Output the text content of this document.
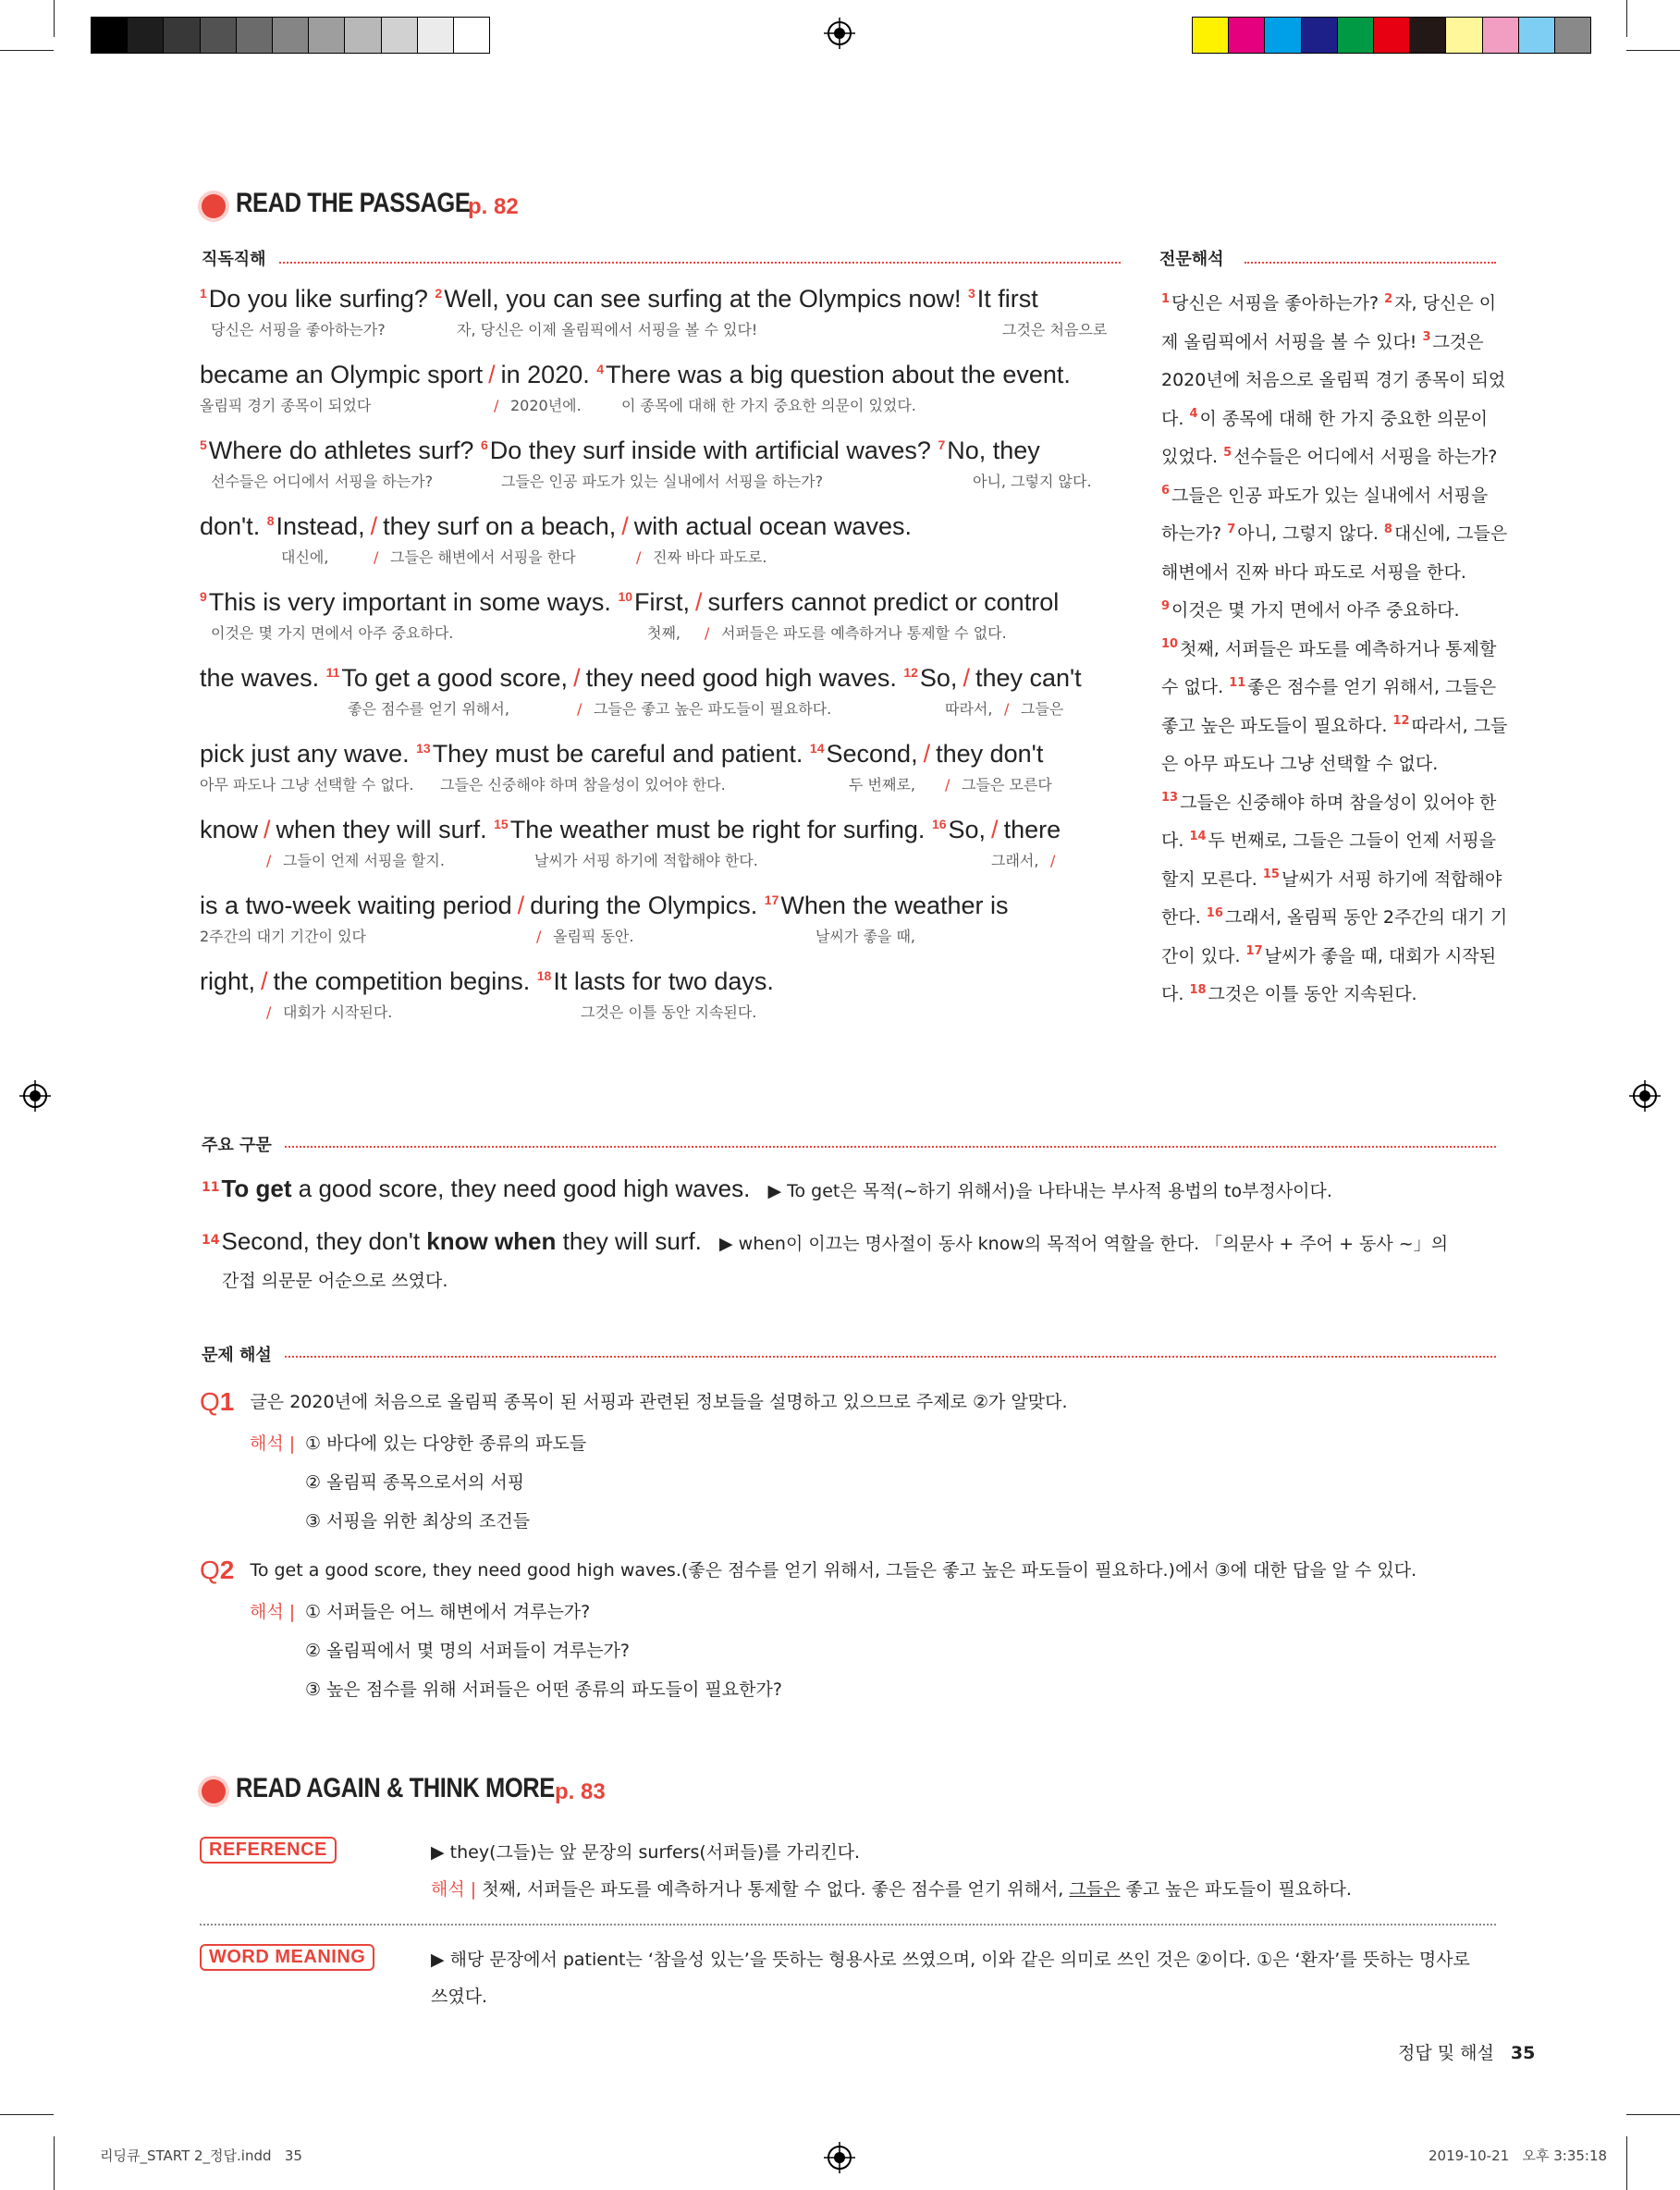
READ THE PASSAGE
p. 82
직독직해	전문해석
$^1$Do you like surfing? $^2$Well, you can see surfing at the Olympics now! $^3$It first
당신은 서핑을 좋아하는가?	자, 당신은 이제 올림픽에서 서핑을 볼 수 있다!	그것은 처음으로
became an Olympic sport / in 2020. $^4$There was a big question about the event.
올림픽 경기 종목이 되었다	/ 2020년에.	이 종목에 대해 한 가지 중요한 의문이 있었다.
$^5$Where do athletes surf? $^6$Do they surf inside with artificial waves? $^7$No, they
선수들은 어디에서 서핑을 하는가?	그들은 인공 파도가 있는 실내에서 서핑을 하는가?	아니, 그렇지 않다.
don't. $^8$Instead, / they surf on a beach, / with actual ocean waves.
대신에,	/ 그들은 해변에서 서핑을 한다	/ 진짜 바다 파도로.
$^9$This is very important in some ways. $^{10}$First, / surfers cannot predict or control
이것은 몇 가지 면에서 아주 중요하다.	첫째, / 서퍼들은 파도를 예측하거나 통제할 수 없다.
the waves. $^{11}$To get a good score, / they need good high waves. $^{12}$So, / they can't
좋은 점수를 얻기 위해서,	/ 그들은 좋고 높은 파도들이 필요하다.	따라서, / 그들은
pick just any wave. $^{13}$They must be careful and patient. $^{14}$Second, / they don't
아무 파도나 그냥 선택할 수 없다. 그들은 신중해야 하며 참을성이 있어야 한다.	두 번째로, / 그들은 모른다
know / when they will surf. $^{15}$The weather must be right for surfing. $^{16}$So, / there
/ 그들이 언제 서핑을 할지.	날씨가 서핑 하기에 적합해야 한다.	그래서, /
is a two-week waiting period / during the Olympics. $^{17}$When the weather is
2주간의 대기 기간이 있다	/ 올림픽 동안.	날씨가 좋을 때,
right, / the competition begins. $^{18}$It lasts for two days.
/ 대회가 시작된다.	그것은 이틀 동안 지속된다.
$^1$ 당신은 서핑을 좋아하는가? $^2$ 자, 당신은 이제 올림픽에서 서핑을 볼 수 있다! $^3$ 그것은 2020년에 처음으로 올림픽 경기 종목이 되었다. $^4$ 이 종목에 대해 한 가지 중요한 의문이 있었다. $^5$ 선수들은 어디에서 서핑을 하는가? $^6$ 그들은 인공 파도가 있는 실내에서 서핑을 하는가? $^7$ 아니, 그렇지 않다. $^8$ 대신에, 그들은 해변에서 진짜 바다 파도로 서핑을 한다.
$^9$ 이것은 몇 가지 면에서 아주 중요하다.
$^{10}$ 첫째, 서퍼들은 파도를 예측하거나 통제할 수 없다. $^{11}$ 좋은 점수를 얻기 위해서, 그들은 좋고 높은 파도들이 필요하다. $^{12}$ 따라서, 그들은 아무 파도나 그냥 선택할 수 없다.
$^{13}$ 그들은 신중해야 하며 참을성이 있어야 한다. $^{14}$ 두 번째로, 그들은 그들이 언제 서핑을 할지 모른다. $^{15}$ 날씨가 서핑 하기에 적합해야 한다. $^{16}$ 그래서, 올림픽 동안 2주간의 대기 기간이 있다. $^{17}$ 날씨가 좋을 때, 대회가 시작된다. $^{18}$ 그것은 이틀 동안 지속된다.
주요 구문
11To get a good score, they need good high waves. ▶ To get은 목적(~하기 위해서)을 나타내는 부사적 용법의 to부정사이다.
14Second, they don't know when they will surf. ▶ when이 이끄는 명사절이 동사 know의 목적어 역할을 한다. 「의문사 + 주어 + 동사 ~」의
간접 의문문 어순으로 쓰였다.
문제 해설
Q1 글은 2020년에 처음으로 올림픽 종목이 된 서핑과 관련된 정보들을 설명하고 있으므로 주제로 ②가 알맞다.
해석 | ① 바다에 있는 다양한 종류의 파도들
② 올림픽 종목으로서의 서핑
③ 서핑을 위한 최상의 조건들
Q2 To get a good score, they need good high waves.(좋은 점수를 얻기 위해서, 그들은 좋고 높은 파도들이 필요하다.)에서 ③에 대한 답을 알 수 있다.
해석 | ① 서퍼들은 어느 해변에서 겨루는가?
② 올림픽에서 몇 명의 서퍼들이 겨루는가?
③ 높은 점수를 위해 서퍼들은 어떤 종류의 파도들이 필요한가?
READ AGAIN & THINK MORE p. 83
REFERENCE	▶ they(그들)는 앞 문장의 surfers(서퍼들)를 가리킨다.
해석 | 첫째, 서퍼들은 파도를 예측하거나 통제할 수 없다. 좋은 점수를 얻기 위해서, 그들은 좋고 높은 파도들이 필요하다.
WORD MEANING	▶ 해당 문장에서 patient는 ‘참을성 있는’을 뜻하는 형용사로 쓰였으며, 이와 같은 의미로 쓰인 것은 ②이다. ①은 ‘환자’를 뜻하는 명사로
쓰였다.
정답 및 해설 35
리딩큐_START 2_정답.indd   35	2019-10-21   오후 3:35:18
